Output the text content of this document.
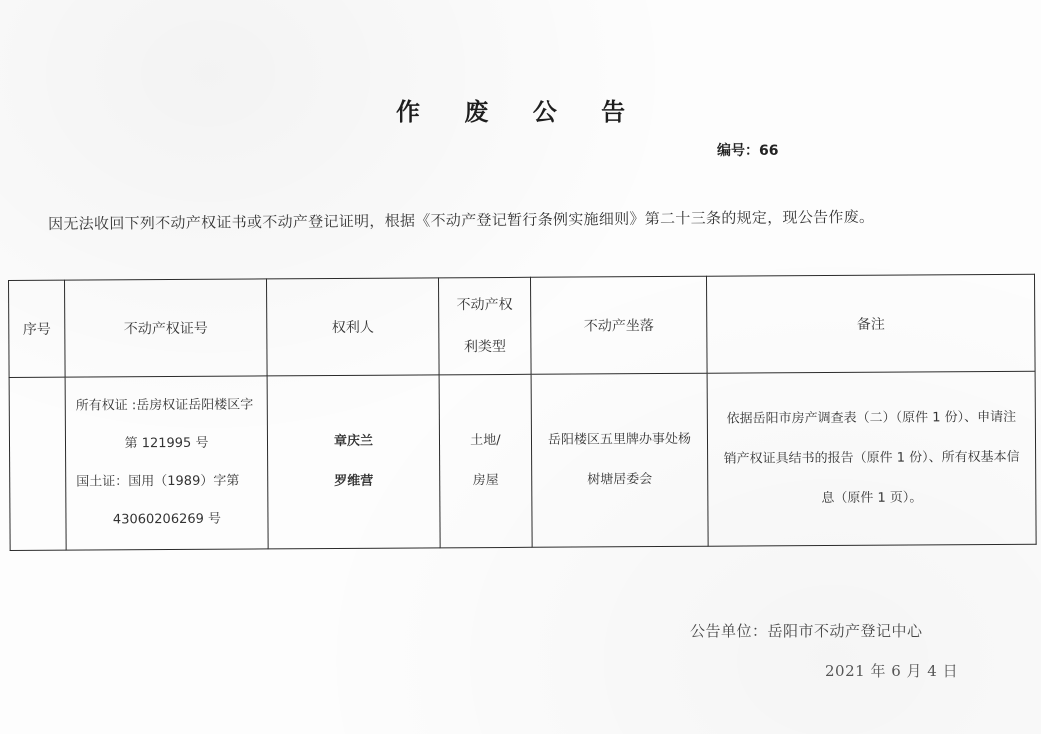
作 废 公 告
编号：66
因无法收回下列不动产权证书或不动产登记证明，根据《不动产登记暂行条例实施细则》第二十三条的规定，现公告作废。
序号	不动产权证号	权利人	不动产权
利类型	不动产坐落	备注

	所有权证 :岳房权证岳阳楼区字
第 121995 号
国土证：国用（1989）字第
43060206269 号	章庆兰
罗维营	土地/
房屋	岳阳楼区五里牌办事处杨
树塘居委会	依据岳阳市房产调查表（二）（原件 1 份）、申请注
销产权证具结书的报告（原件 1 份）、所有权基本信
息（原件 1 页）。
公告单位：岳阳市不动产登记中心
2021 年 6 月 4 日
